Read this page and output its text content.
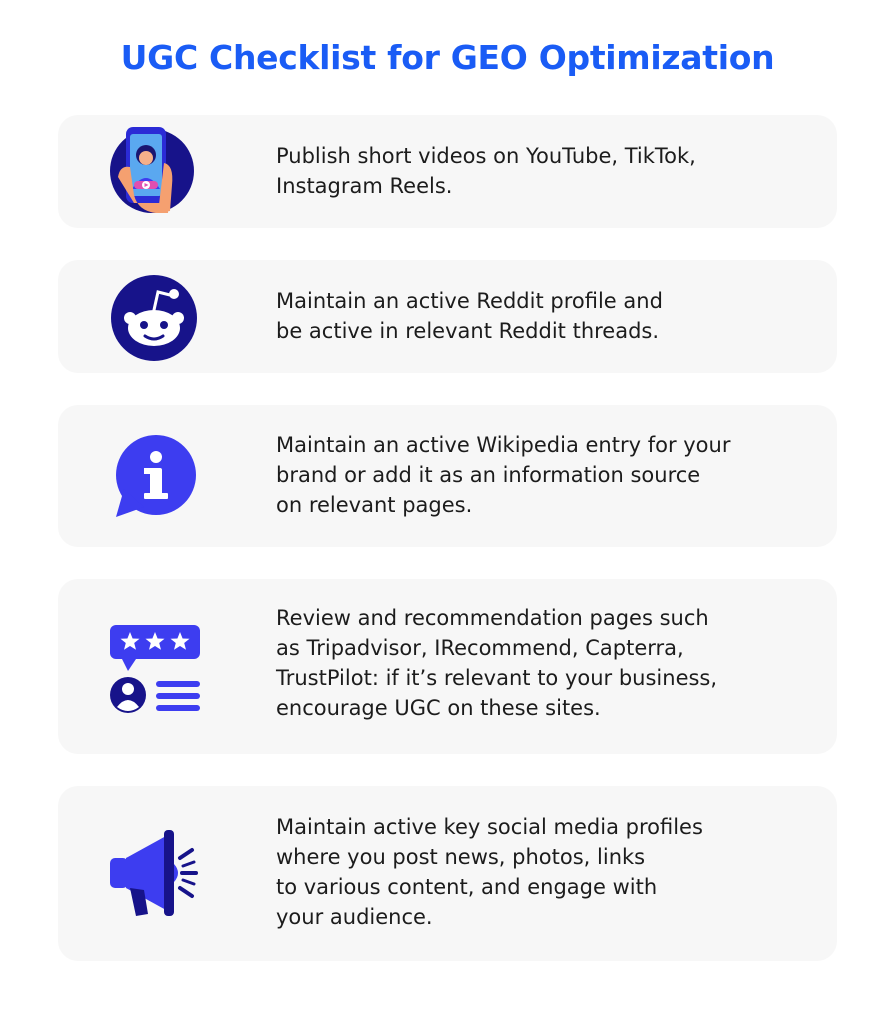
UGC Checklist for GEO Optimization
Publish short videos on YouTube, TikTok,
Instagram Reels.
Maintain an active Reddit profile and
be active in relevant Reddit threads.
Maintain an active Wikipedia entry for your
brand or add it as an information source
on relevant pages.
Review and recommendation pages such
as Tripadvisor, IRecommend, Capterra,
TrustPilot: if it’s relevant to your business,
encourage UGC on these sites.
Maintain active key social media profiles
where you post news, photos, links
to various content, and engage with
your audience.
